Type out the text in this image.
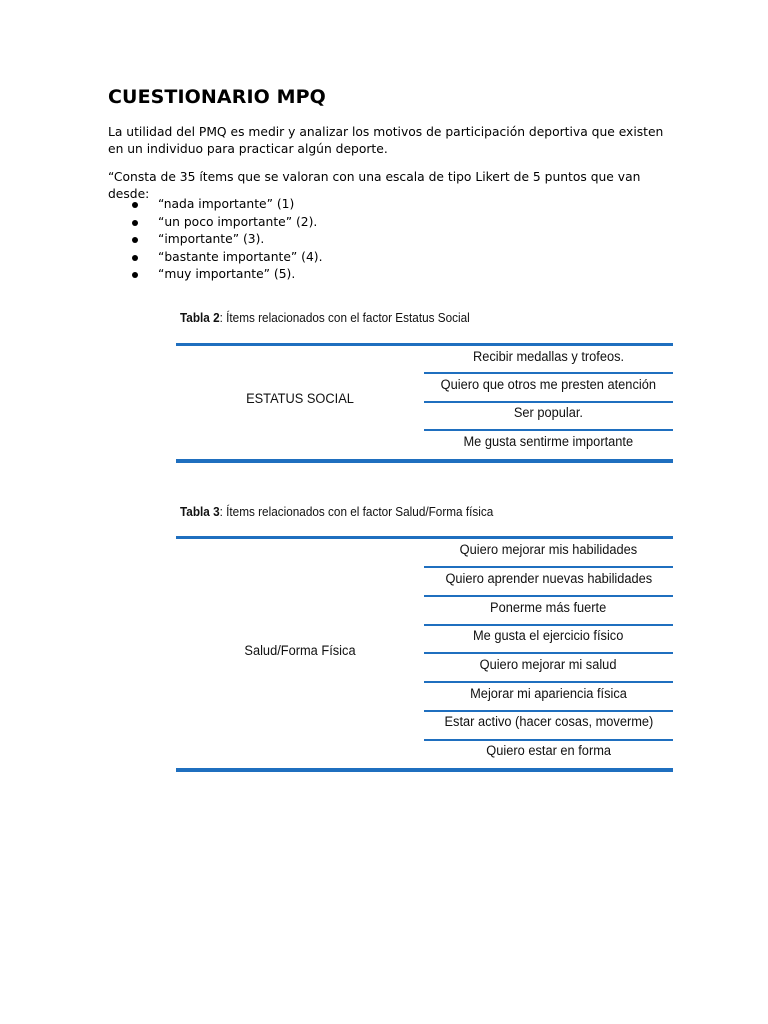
CUESTIONARIO MPQ

La utilidad del PMQ es medir y analizar los motivos de participación deportiva que existen en un individuo para practicar algún deporte.

“Consta de 35 ítems que se valoran con una escala de tipo Likert de 5 puntos que van desde:

“nada importante” (1)
“un poco importante” (2).
“importante” (3).
“bastante importante” (4).
“muy importante” (5).
Tabla 2: Ítems relacionados con el factor Estatus Social
ESTATUS SOCIAL
Recibir medallas y trofeos.
Quiero que otros me presten atención
Ser popular.
Me gusta sentirme importante
Tabla 3: Ítems relacionados con el factor Salud/Forma física
Salud/Forma Física
Quiero mejorar mis habilidades
Quiero aprender nuevas habilidades
Ponerme más fuerte
Me gusta el ejercicio físico
Quiero mejorar mi salud
Mejorar mi apariencia física
Estar activo (hacer cosas, moverme)
Quiero estar en forma
